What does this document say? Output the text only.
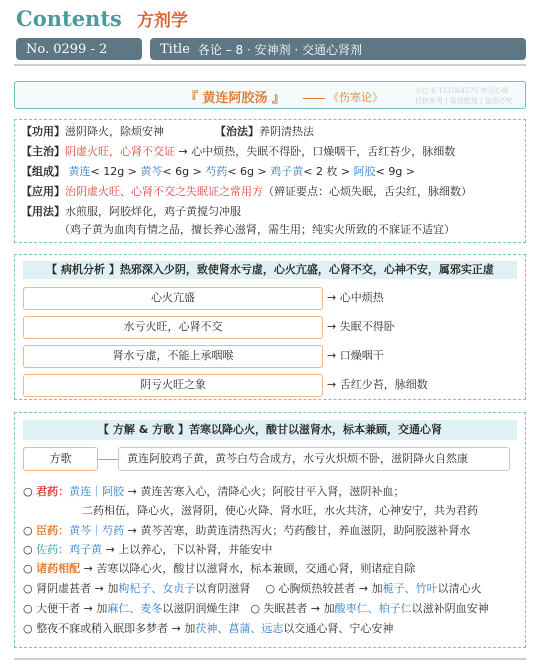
Contents 方剂学
No. 0299 - 2	Title 各论 – 8 · 安神剂 · 交通心肾剂
『 黄连阿胶汤 』	《伤寒论》	小红书 151564575 学习心得
仅供参考 | 原创整理 | 盗用必究
【功用】滋阴降火，除烦安神	【治法】养阴清热法
【主治】阴虚火旺，心肾不交证 → 心中烦热，失眠不得卧，口燥咽干，舌红苔少，脉细数
【组成】 黄连< 12g > 黄芩< 6g > 芍药< 6g > 鸡子黄< 2 枚 > 阿胶< 9g >
【应用】治阴虚火旺、心肾不交之失眠证之常用方（辨证要点：心烦失眠，舌尖红，脉细数）
【用法】水煎服，阿胶烊化，鸡子黄搅匀冲服
（鸡子黄为血肉有情之品，擅长养心滋肾，需生用；纯实火所致的不寐证不适宜）
【 病机分析 】热邪深入少阴，致使肾水亏虚，心火亢盛，心肾不交，心神不安，属邪实正虚
心火亢盛	→ 心中烦热
水亏火旺，心肾不交	→ 失眠不得卧
肾水亏虚，不能上承咽喉	→ 口燥咽干
阴亏火旺之象	→ 舌红少苔，脉细数
【 方解 & 方歌 】苦寒以降心火，酸甘以滋肾水，标本兼顾，交通心肾
方歌	黄连阿胶鸡子黄，黄芩白芍合成方，水亏火炽烦不卧，滋阴降火自然康
○ 君药：黄连｜阿胶 → 黄连苦寒入心，清降心火；阿胶甘平入肾，滋阴补血；
二药相伍，降心火，滋肾阴，使心火降、肾水旺，水火共济，心神安宁，共为君药
○ 臣药：黄芩｜芍药 → 黄芩苦寒，助黄连清热泻火；芍药酸甘，养血滋阴，助阿胶滋补肾水
○ 佐药：鸡子黄 → 上以养心，下以补肾，并能安中
○ 诸药相配 → 苦寒以降心火，酸甘以滋肾水，标本兼顾，交通心肾，则诸症自除
○ 肾阴虚甚者 → 加枸杞子、女贞子以育阴滋肾  ○ 心胸烦热较甚者 → 加栀子、竹叶以清心火
○ 大便干者 → 加麻仁、麦冬以滋阴润燥生津  ○ 失眠甚者 → 加酸枣仁、柏子仁以滋补阴血安神
○ 整夜不寐或稍入眠即多梦者 → 加茯神、菖蒲、远志以交通心肾、宁心安神
